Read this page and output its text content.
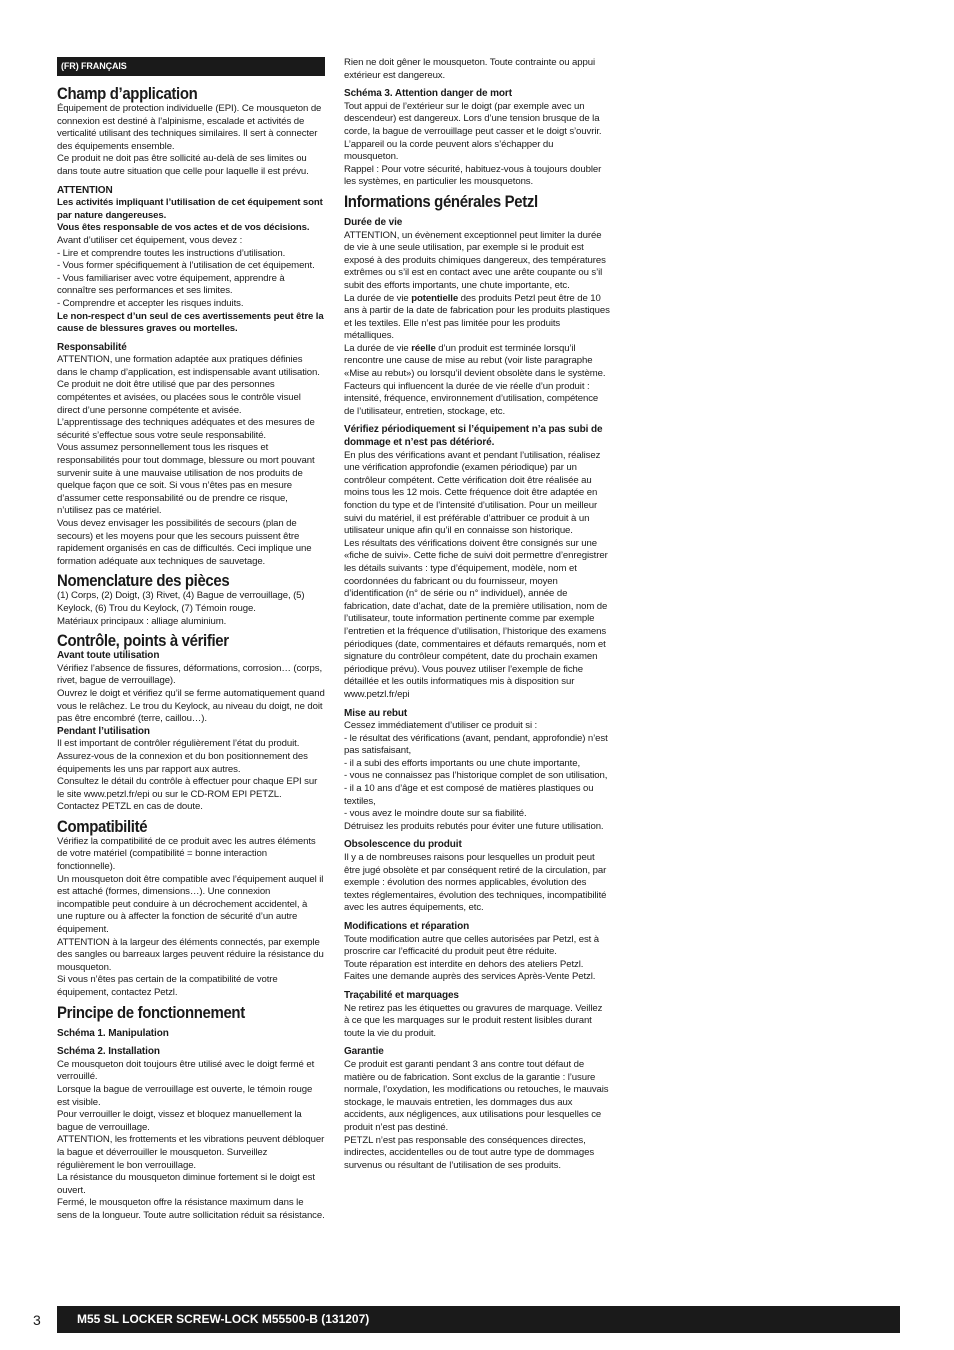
(FR) FRANÇAIS
Champ d’application

Équipement de protection individuelle (EPI). Ce mousqueton de connexion est destiné à l’alpinisme, escalade et activités de verticalité utilisant des techniques similaires. Il sert à connecter des équipements ensemble.

Ce produit ne doit pas être sollicité au-delà de ses limites ou dans toute autre situation que celle pour laquelle il est prévu.

ATTENTION

Les activités impliquant l’utilisation de cet équipement sont par nature dangereuses.

Vous êtes responsable de vos actes et de vos décisions.

Avant d’utiliser cet équipement, vous devez :

- Lire et comprendre toutes les instructions d’utilisation.

- Vous former spécifiquement à l’utilisation de cet équipement.

- Vous familiariser avec votre équipement, apprendre à connaître ses performances et ses limites.

- Comprendre et accepter les risques induits.

Le non-respect d’un seul de ces avertissements peut être la cause de blessures graves ou mortelles.

Responsabilité

ATTENTION, une formation adaptée aux pratiques définies dans le champ d’application, est indispensable avant utilisation.

Ce produit ne doit être utilisé que par des personnes compétentes et avisées, ou placées sous le contrôle visuel direct d’une personne compétente et avisée.

L’apprentissage des techniques adéquates et des mesures de sécurité s’effectue sous votre seule responsabilité.

Vous assumez personnellement tous les risques et responsabilités pour tout dommage, blessure ou mort pouvant survenir suite à une mauvaise utilisation de nos produits de quelque façon que ce soit. Si vous n’êtes pas en mesure d’assumer cette responsabilité ou de prendre ce risque, n’utilisez pas ce matériel.

Vous devez envisager les possibilités de secours (plan de secours) et les moyens pour que les secours puissent être rapidement organisés en cas de difficultés. Ceci implique une formation adéquate aux techniques de sauvetage.

Nomenclature des pièces

(1) Corps, (2) Doigt, (3) Rivet, (4) Bague de verrouillage, (5) Keylock, (6) Trou du Keylock, (7) Témoin rouge.

Matériaux principaux : alliage aluminium.

Contrôle, points à vérifier
Avant toute utilisation

Vérifiez l’absence de fissures, déformations, corrosion… (corps, rivet, bague de verrouillage).

Ouvrez le doigt et vérifiez qu’il se ferme automatiquement quand vous le relâchez. Le trou du Keylock, au niveau du doigt, ne doit pas être encombré (terre, caillou…).

Pendant l’utilisation

Il est important de contrôler régulièrement l’état du produit. Assurez-vous de la connexion et du bon positionnement des équipements les uns par rapport aux autres.

Consultez le détail du contrôle à effectuer pour chaque EPI sur le site www.petzl.fr/epi ou sur le CD-ROM EPI PETZL.

Contactez PETZL en cas de doute.

Compatibilité

Vérifiez la compatibilité de ce produit avec les autres éléments de votre matériel (compatibilité = bonne interaction fonctionnelle).

Un mousqueton doit être compatible avec l’équipement auquel il est attaché (formes, dimensions…). Une connexion incompatible peut conduire à un décrochement accidentel, à une rupture ou à affecter la fonction de sécurité d’un autre équipement.

ATTENTION à la largeur des éléments connectés, par exemple des sangles ou barreaux larges peuvent réduire la résistance du mousqueton.

Si vous n’êtes pas certain de la compatibilité de votre équipement, contactez Petzl.

Principe de fonctionnement
Schéma 1. Manipulation
Schéma 2. Installation

Ce mousqueton doit toujours être utilisé avec le doigt fermé et verrouillé.

Lorsque la bague de verrouillage est ouverte, le témoin rouge est visible.

Pour verrouiller le doigt, vissez et bloquez manuellement la bague de verrouillage.

ATTENTION, les frottements et les vibrations peuvent débloquer la bague et déverrouiller le mousqueton. Surveillez régulièrement le bon verrouillage.

La résistance du mousqueton diminue fortement si le doigt est ouvert.

Fermé, le mousqueton offre la résistance maximum dans le sens de la longueur. Toute autre sollicitation réduit sa résistance.

Rien ne doit gêner le mousqueton. Toute contrainte ou appui extérieur est dangereux.

Schéma 3. Attention danger de mort

Tout appui de l’extérieur sur le doigt (par exemple avec un descendeur) est dangereux. Lors d’une tension brusque de la corde, la bague de verrouillage peut casser et le doigt s’ouvrir. L’appareil ou la corde peuvent alors s’échapper du mousqueton.

Rappel : Pour votre sécurité, habituez-vous à toujours doubler les systèmes, en particulier les mousquetons.

Informations générales Petzl
Durée de vie

ATTENTION, un évènement exceptionnel peut limiter la durée de vie à une seule utilisation, par exemple si le produit est exposé à des produits chimiques dangereux, des températures extrêmes ou s’il est en contact avec une arête coupante ou s’il subit des efforts importants, une chute importante, etc.

La durée de vie potentielle des produits Petzl peut être de 10 ans à partir de la date de fabrication pour les produits plastiques et les textiles. Elle n’est pas limitée pour les produits métalliques.

La durée de vie réelle d’un produit est terminée lorsqu’il rencontre une cause de mise au rebut (voir liste paragraphe «Mise au rebut») ou lorsqu’il devient obsolète dans le système.

Facteurs qui influencent la durée de vie réelle d’un produit : intensité, fréquence, environnement d’utilisation, compétence de l’utilisateur, entretien, stockage, etc.

Vérifiez périodiquement si l’équipement n’a pas subi de dommage et n’est pas détérioré.

En plus des vérifications avant et pendant l’utilisation, réalisez une vérification approfondie (examen périodique) par un contrôleur compétent. Cette vérification doit être réalisée au moins tous les 12 mois. Cette fréquence doit être adaptée en fonction du type et de l’intensité d’utilisation. Pour un meilleur suivi du matériel, il est préférable d’attribuer ce produit à un utilisateur unique afin qu’il en connaisse son historique.

Les résultats des vérifications doivent être consignés sur une «fiche de suivi». Cette fiche de suivi doit permettre d’enregistrer les détails suivants : type d’équipement, modèle, nom et coordonnées du fabricant ou du fournisseur, moyen d’identification (n° de série ou n° individuel), année de fabrication, date d’achat, date de la première utilisation, nom de l’utilisateur, toute information pertinente comme par exemple l’entretien et la fréquence d’utilisation, l’historique des examens périodiques (date, commentaires et défauts remarqués, nom et signature du contrôleur compétent, date du prochain examen périodique prévu). Vous pouvez utiliser l’exemple de fiche détaillée et les outils informatiques mis à disposition sur www.petzl.fr/epi

Mise au rebut

Cessez immédiatement d’utiliser ce produit si :

- le résultat des vérifications (avant, pendant, approfondie) n’est pas satisfaisant,

- il a subi des efforts importants ou une chute importante,

- vous ne connaissez pas l’historique complet de son utilisation,

- il a 10 ans d’âge et est composé de matières plastiques ou textiles,

- vous avez le moindre doute sur sa fiabilité.

Détruisez les produits rebutés pour éviter une future utilisation.

Obsolescence du produit

Il y a de nombreuses raisons pour lesquelles un produit peut être jugé obsolète et par conséquent retiré de la circulation, par exemple : évolution des normes applicables, évolution des textes réglementaires, évolution des techniques, incompatibilité avec les autres équipements, etc.

Modifications et réparation

Toute modification autre que celles autorisées par Petzl, est à proscrire car l’efficacité du produit peut être réduite.

Toute réparation est interdite en dehors des ateliers Petzl. Faites une demande auprès des services Après-Vente Petzl.

Traçabilité et marquages

Ne retirez pas les étiquettes ou gravures de marquage. Veillez à ce que les marquages sur le produit restent lisibles durant toute la vie du produit.

Garantie

Ce produit est garanti pendant 3 ans contre tout défaut de matière ou de fabrication. Sont exclus de la garantie : l’usure normale, l’oxydation, les modifications ou retouches, le mauvais stockage, le mauvais entretien, les dommages dus aux accidents, aux négligences, aux utilisations pour lesquelles ce produit n’est pas destiné.

PETZL n’est pas responsable des conséquences directes, indirectes, accidentelles ou de tout autre type de dommages survenus ou résultant de l’utilisation de ses produits.

3	M55 SL LOCKER SCREW-LOCK M55500-B (131207)
